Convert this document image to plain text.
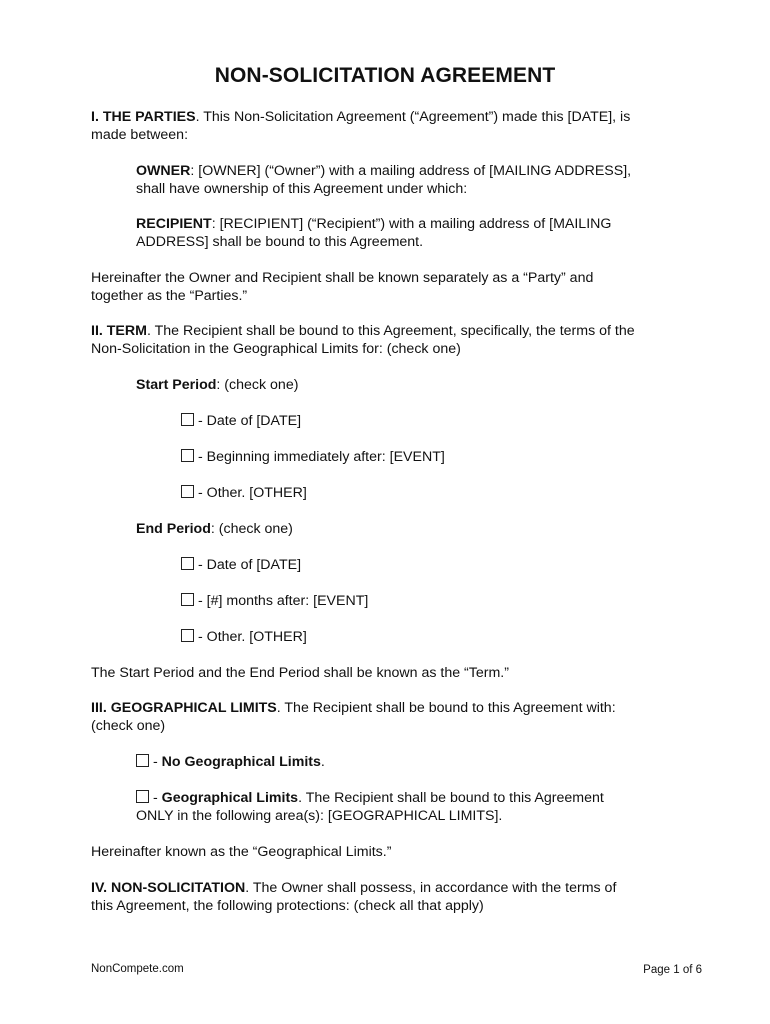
NON-SOLICITATION AGREEMENT

I. THE PARTIES. This Non-Solicitation Agreement (“Agreement”) made this [DATE], is

made between:

OWNER: [OWNER] (“Owner”) with a mailing address of [MAILING ADDRESS],

shall have ownership of this Agreement under which:

RECIPIENT: [RECIPIENT] (“Recipient”) with a mailing address of [MAILING

ADDRESS] shall be bound to this Agreement.

Hereinafter the Owner and Recipient shall be known separately as a “Party” and

together as the “Parties.”

II. TERM. The Recipient shall be bound to this Agreement, specifically, the terms of the

Non-Solicitation in the Geographical Limits for: (check one)

Start Period: (check one)

- Date of [DATE]

- Beginning immediately after: [EVENT]

- Other. [OTHER]

End Period: (check one)

- Date of [DATE]

- [#] months after: [EVENT]

- Other. [OTHER]

The Start Period and the End Period shall be known as the “Term.”

III. GEOGRAPHICAL LIMITS. The Recipient shall be bound to this Agreement with:

(check one)

- No Geographical Limits.

- Geographical Limits. The Recipient shall be bound to this Agreement

ONLY in the following area(s): [GEOGRAPHICAL LIMITS].

Hereinafter known as the “Geographical Limits.”

IV. NON-SOLICITATION. The Owner shall possess, in accordance with the terms of

this Agreement, the following protections: (check all that apply)

NonCompete.com	Page 1 of 6
